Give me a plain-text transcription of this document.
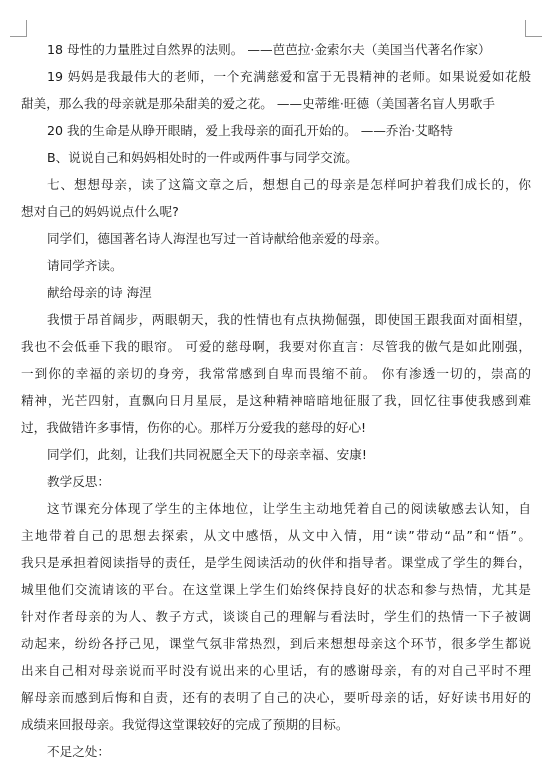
18 母性的力量胜过自然界的法则。 ——芭芭拉·金索尔夫（美国当代著名作家）
19 妈妈是我最伟大的老师，一个充满慈爱和富于无畏精神的老师。如果说爱如花般
甜美，那么我的母亲就是那朵甜美的爱之花。 ——史蒂维·旺德（美国著名盲人男歌手
20 我的生命是从睁开眼睛，爱上我母亲的面孔开始的。 ——乔治·艾略特
B、说说自己和妈妈相处时的一件或两件事与同学交流。
七、想想母亲，读了这篇文章之后，想想自己的母亲是怎样呵护着我们成长的，你
想对自己的妈妈说点什么呢?
同学们，德国著名诗人海涅也写过一首诗献给他亲爱的母亲。
请同学齐读。
献给母亲的诗 海涅
我惯于昂首阔步，两眼朝天，我的性情也有点执拗倔强，即使国王跟我面对面相望，
我也不会低垂下我的眼帘。 可爱的慈母啊，我要对你直言：尽管我的傲气是如此刚强，
一到你的幸福的亲切的身旁，我常常感到自卑而畏缩不前。 你有渗透一切的，崇高的
精神，光芒四射，直飘向日月星辰，是这种精神暗暗地征服了我，回忆往事使我感到难
过，我做错许多事情，伤你的心。那样万分爱我的慈母的好心!
同学们，此刻，让我们共同祝愿全天下的母亲幸福、安康!
教学反思：
这节课充分体现了学生的主体地位，让学生主动地凭着自己的阅读敏感去认知，自
主地带着自己的思想去探索，从文中感悟，从文中入情，用“读”带动“品”和“悟”。
我只是承担着阅读指导的责任，是学生阅读活动的伙伴和指导者。课堂成了学生的舞台，
城里他们交流请该的平台。在这堂课上学生们始终保持良好的状态和参与热情，尤其是
针对作者母亲的为人、教子方式，谈谈自己的理解与看法时，学生们的热情一下子被调
动起来，纷纷各抒己见，课堂气氛非常热烈，到后来想想母亲这个环节，很多学生都说
出来自己相对母亲说而平时没有说出来的心里话，有的感谢母亲，有的对自己平时不理
解母亲而感到后悔和自责，还有的表明了自己的决心，要听母亲的话，好好读书用好的
成绩来回报母亲。我觉得这堂课较好的完成了预期的目标。
不足之处：
